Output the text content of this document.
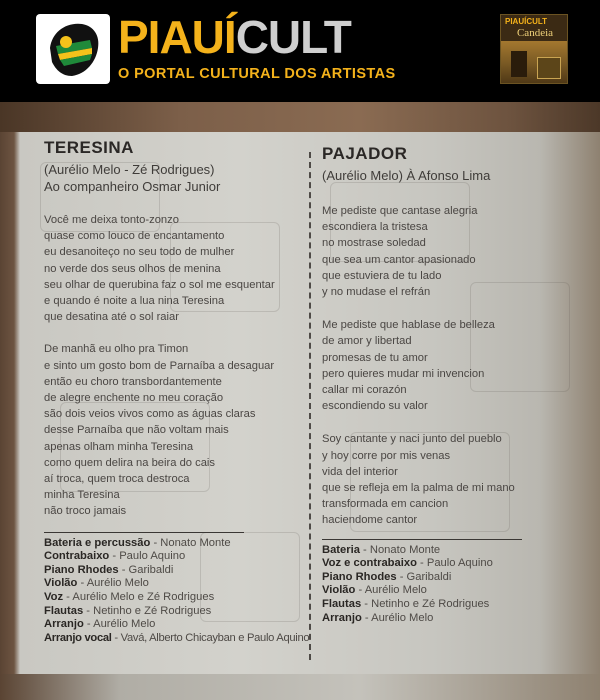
PIAUÍCULT
O PORTAL CULTURAL DOS ARTISTAS
PIAUÍCULT
Candeia
TERESINA
(Aurélio Melo - Zé Rodrigues)
Ao companheiro Osmar Junior
Você me deixa tonto-zonzo
quase como louco de encantamento
eu desanoiteço no seu todo de mulher
no verde dos seus olhos de menina
seu olhar de querubina faz o sol me esquentar
e quando é noite a lua nina Teresina
que desatina até o sol raiar
De manhã eu olho pra Timon
e sinto um gosto bom de Parnaíba a desaguar
então eu choro transbordantemente
de alegre enchente no meu coração
são dois veios vivos como as águas claras
desse Parnaíba que não voltam mais
apenas olham minha Teresina
como quem delira na beira do cais
aí troca, quem troca destroca
minha Teresina
não troco jamais
Bateria e percussão - Nonato Monte
Contrabaixo - Paulo Aquino
Piano Rhodes - Garibaldi
Violão - Aurélio Melo
Voz - Aurélio Melo e Zé Rodrigues
Flautas - Netinho e Zé Rodrigues
Arranjo - Aurélio Melo
Arranjo vocal - Vavá, Alberto Chicayban e Paulo Aquino
PAJADOR
(Aurélio Melo) À Afonso Lima
Me pediste que cantase alegria
escondiera la tristesa
no mostrase soledad
que sea um cantor apasionado
que estuviera de tu lado
y no mudase el refrán
Me pediste que hablase de belleza
de amor y libertad
promesas de tu amor
pero quieres mudar mi invencion
callar mi corazón
escondiendo su valor
Soy cantante y naci junto del pueblo
y hoy corre por mis venas
vida del interior
que se refleja em la palma de mi mano
transformada em cancion
haciendome cantor
Bateria - Nonato Monte
Voz e contrabaixo - Paulo Aquino
Piano Rhodes - Garibaldi
Violão - Aurélio Melo
Flautas - Netinho e Zé Rodrigues
Arranjo - Aurélio Melo
